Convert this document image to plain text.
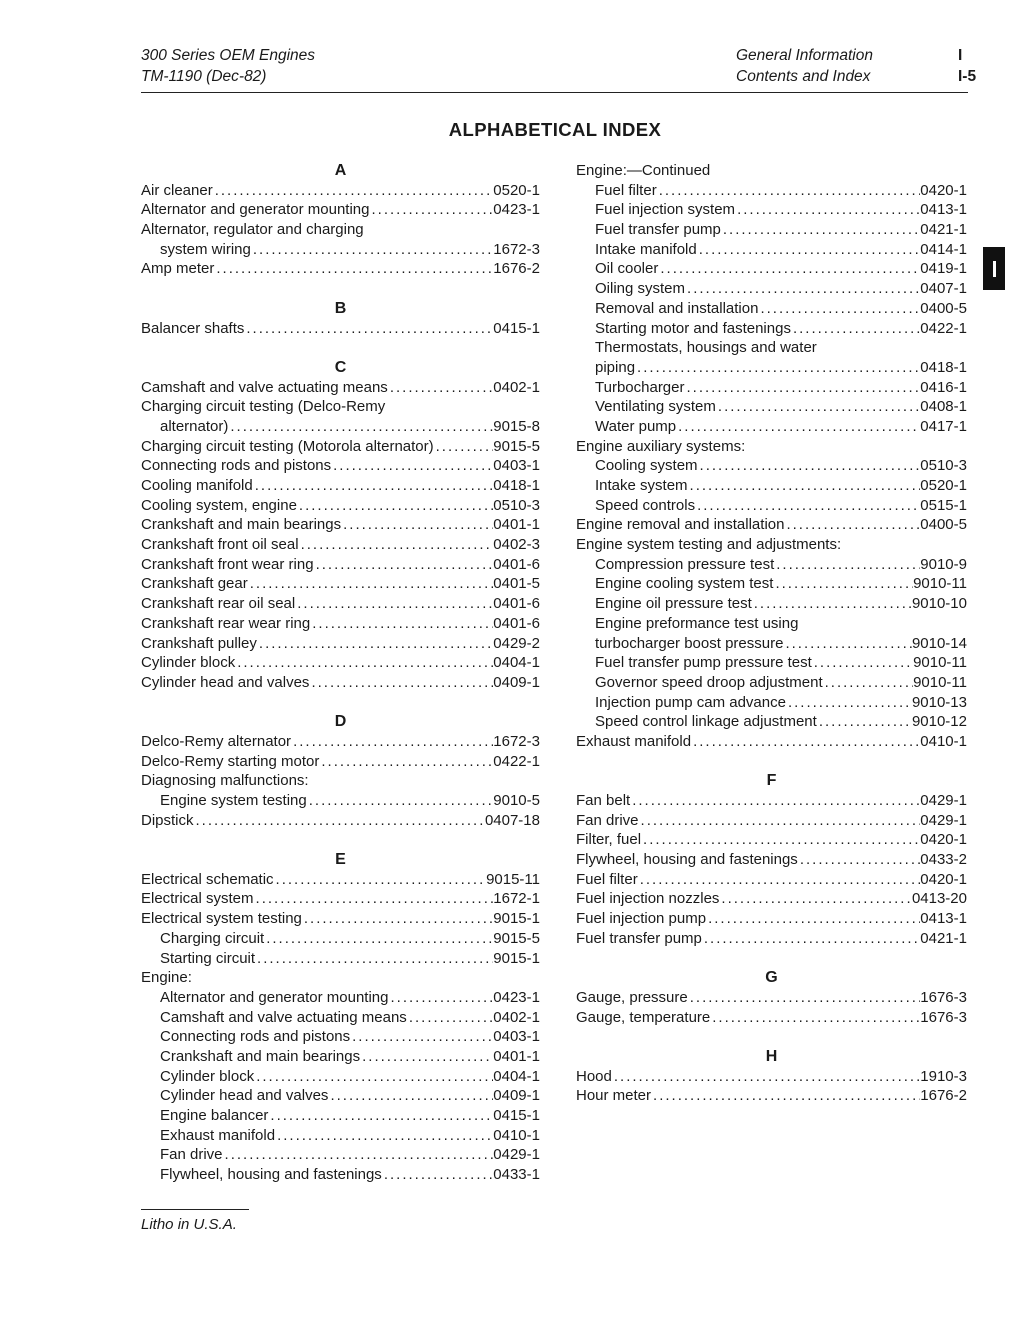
300 Series OEM Engines
TM-1190 (Dec-82)
General Information
Contents and Index
I
I-5
ALPHABETICAL INDEX
A
Air cleaner .....	0520-1
Alternator and generator mounting .....	0423-1
Alternator, regulator and charging
system wiring .....	1672-3
Amp meter .....	1676-2
B
Balancer shafts .....	0415-1
C
Camshaft and valve actuating means .....	0402-1
Charging circuit testing (Delco-Remy
alternator) .....	9015-8
Charging circuit testing (Motorola alternator) .....	9015-5
Connecting rods and pistons .....	0403-1
Cooling manifold .....	0418-1
Cooling system, engine .....	0510-3
Crankshaft and main bearings .....	0401-1
Crankshaft front oil seal .....	0402-3
Crankshaft front wear ring .....	0401-6
Crankshaft gear .....	0401-5
Crankshaft rear oil seal .....	0401-6
Crankshaft rear wear ring .....	0401-6
Crankshaft pulley .....	0429-2
Cylinder block .....	0404-1
Cylinder head and valves .....	0409-1
D
Delco-Remy alternator .....	1672-3
Delco-Remy starting motor .....	0422-1
Diagnosing malfunctions:
Engine system testing .....	9010-5
Dipstick .....	0407-18
E
Electrical schematic .....	9015-11
Electrical system .....	1672-1
Electrical system testing .....	9015-1
Charging circuit .....	9015-5
Starting circuit .....	9015-1
Engine:
Alternator and generator mounting .....	0423-1
Camshaft and valve actuating means .....	0402-1
Connecting rods and pistons .....	0403-1
Crankshaft and main bearings .....	0401-1
Cylinder block .....	0404-1
Cylinder head and valves .....	0409-1
Engine balancer .....	0415-1
Exhaust manifold .....	0410-1
Fan drive .....	0429-1
Flywheel, housing and fastenings .....	0433-1
Engine:—Continued
Fuel filter .....	0420-1
Fuel injection system .....	0413-1
Fuel transfer pump .....	0421-1
Intake manifold .....	0414-1
Oil cooler .....	0419-1
Oiling system .....	0407-1
Removal and installation .....	0400-5
Starting motor and fastenings .....	0422-1
Thermostats, housings and water
piping .....	0418-1
Turbocharger .....	0416-1
Ventilating system .....	0408-1
Water pump .....	0417-1
Engine auxiliary systems:
Cooling system .....	0510-3
Intake system .....	0520-1
Speed controls .....	0515-1
Engine removal and installation .....	0400-5
Engine system testing and adjustments:
Compression pressure test .....	9010-9
Engine cooling system test .....	9010-11
Engine oil pressure test .....	9010-10
Engine preformance test using
turbocharger boost pressure .....	9010-14
Fuel transfer pump pressure test .....	9010-11
Governor speed droop adjustment .....	9010-11
Injection pump cam advance .....	9010-13
Speed control linkage adjustment .....	9010-12
Exhaust manifold .....	0410-1
F
Fan belt .....	0429-1
Fan drive .....	0429-1
Filter, fuel .....	0420-1
Flywheel, housing and fastenings .....	0433-2
Fuel filter .....	0420-1
Fuel injection nozzles .....	0413-20
Fuel injection pump .....	0413-1
Fuel transfer pump .....	0421-1
G
Gauge, pressure .....	1676-3
Gauge, temperature .....	1676-3
H
Hood .....	1910-3
Hour meter .....	1676-2
Litho in U.S.A.
